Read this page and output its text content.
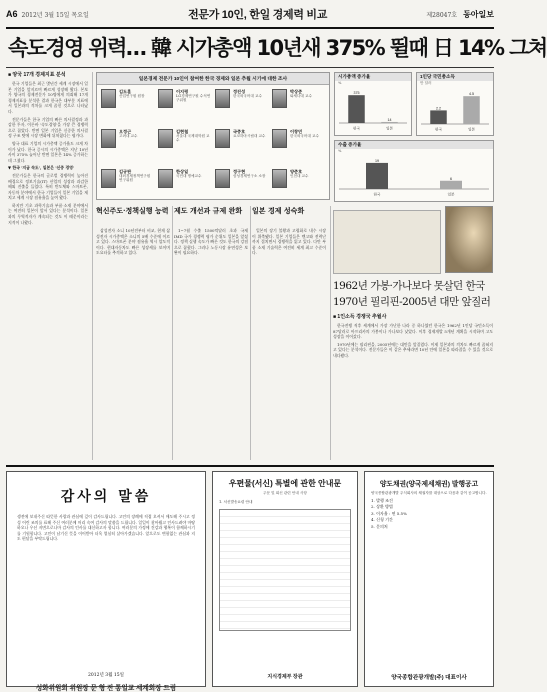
A6 2012년 3월 15일 목요일	전문가 10인, 한일 경제력 비교	제28047호 동아일보
속도경영 위력… 韓 시가총액 10년새 375% 뛸때 日 14% 그쳐
■ 양국 17개 경제지표 분석

한국 기업들은 최근 몇년간 세계 시장에서 일본 기업을 앞지르며 빠르게 성장해 왔다. 본보가 양국의 경제전문가 10명에게 의뢰해 17개 경제지표를 분석한 결과 한국은 대부분 지표에서 일본과의 격차를 크게 좁힌 것으로 나타났다.

전문가들은 한국 기업의 빠른 의사결정과 과감한 투자, 이른바 '속도경영'을 가장 큰 경쟁력으로 꼽았다. 반면 일본 기업은 신중한 의사결정 구조 탓에 시장 변화에 뒤처졌다는 평가다.

양국 대표 기업의 시가총액 증가율도 크게 차이가 났다. 한국 증시의 시가총액은 지난 10년 사이 375% 늘어난 반면 일본은 14% 증가하는 데 그쳤다.

▼ 한국 '지금 속도', 일본은 '신중 경영'

전문가들은 한국의 글로벌 경쟁력이 높아진 배경으로 정보기술(IT) 산업의 성장과 과감한 해외 진출을 들었다. 특히 반도체와 스마트폰, 자동차 분야에서 한국 기업들이 일본 기업을 제치고 세계 시장 점유율을 높여 왔다.

하지만 기초 과학기술과 부품·소재 분야에서는 여전히 일본이 앞서 있다는 분석이다. 일본과의 무역적자가 계속되는 것도 이 때문이라는 지적이 나왔다.

일본경제 전문가 10인이 참여한 한국 경제와 일본 추월 시기에 대한 조사
김도훈
산업연구원 원장
이지평
LG경제연구원 수석연구위원
정진성
한국외국어대 교수
박상준
와세다대 교수
오정근
고려대 교수
김현철
서울대 국제대학원 교수
국중호
요코하마시립대 교수
이창민
한국외국어대 교수
김규판
대외경제정책연구원 연구위원
한상일
국민대 명예교수
정구현
삼성경제연구소 소장
양준호
인천대 교수
시가총액 증가율
%
375
한국
14
일본
1인당 국민총소득
만 달러
2.2
한국
4.5
일본
수출 증가율
%
19
한국
6
일본
혁신주도·정책실행 능력 제도 개선과 규제 완화	일본 경제 성숙화

삼성전자 소니 10년전부터 비교, 현재 삼성전자 시가총액은 소니의 5배 수준에 이르고 있다. 스마트폰 분야 점유율 역시 압도적이다. 현대자동차도 빠른 성장세를 보이며 도요타를 추격하고 있다.

1∼7월 수출 1500억달러 초과 국제 IMD 국가 경쟁력 평가 순위도 일본을 앞섰다. 정책 실행 속도가 빠른 것도 한국의 강점으로 꼽혔다. 그러나 노동시장 유연성은 보완이 필요하다.

일본의 장기 불황과 고령화로 내수 시장이 위축됐다. 일본 기업들은 엔고와 전력난까지 겹치면서 경쟁력을 잃고 있다. 다만 부품 소재 기술력은 여전히 세계 최고 수준이다.

1962년 가봉·가나보다 못살던 한국
1970년 필리핀-2005년 대만 앞질러
■ 1인소득 경쟁국 추월사

한국전쟁 직후 세계에서 가장 가난한 나라 중 하나였던 한국은 1962년 1인당 국민소득이 87달러로 아프리카의 가봉이나 가나보다 낮았다. 이후 경제개발 5개년 계획을 시작하며 고도성장을 이어갔다.

1970년에는 필리핀을, 2005년에는 대만을 앞질렀다. 이제 일본과의 격차도 빠르게 좁혀지고 있다는 분석이다. 전문가들은 이 같은 추세라면 10년 안에 일본을 따라잡을 수 있을 것으로 내다봤다.

감사의 말씀
생전에 보내주신 따뜻한 사랑과 관심에 깊이 감사드립니다. 고인의 장례에 직접 오셔서 애도해 주시고 정성 어린 조의를 표해 주신 여러분께 머리 숙여 감사의 말씀을 드립니다. 일일이 찾아뵙고 인사드려야 마땅하오나 우선 지면으로나마 감사의 인사를 대신하고자 합니다. 여러분의 가정에 건강과 행복이 함께하시기를 기원합니다. 고인이 남기신 뜻을 이어받아 더욱 열심히 살아가겠습니다. 앞으로도 변함없는 관심과 지도 편달을 부탁드립니다.
2012년 3월 15일
성화위원회 위원장 문 형 진 통일교 세계회장 드림
우편물(서신) 특별에 관한 안내문
주문 및 회신 관련 안내 사항
1. 서신발송요령 안내
지식경제부 장관
양도채권(양국제세채권) 발행공고
양국종합관광개발 주식회사의 채권자를 대상으로 다음과 같이 공고합니다.
1. 발행 조건
2. 상환 방법
3. 이자율 : 연 5.5%
4. 신청 기간
5. 문의처
양국종합관광개발(주) 대표이사
